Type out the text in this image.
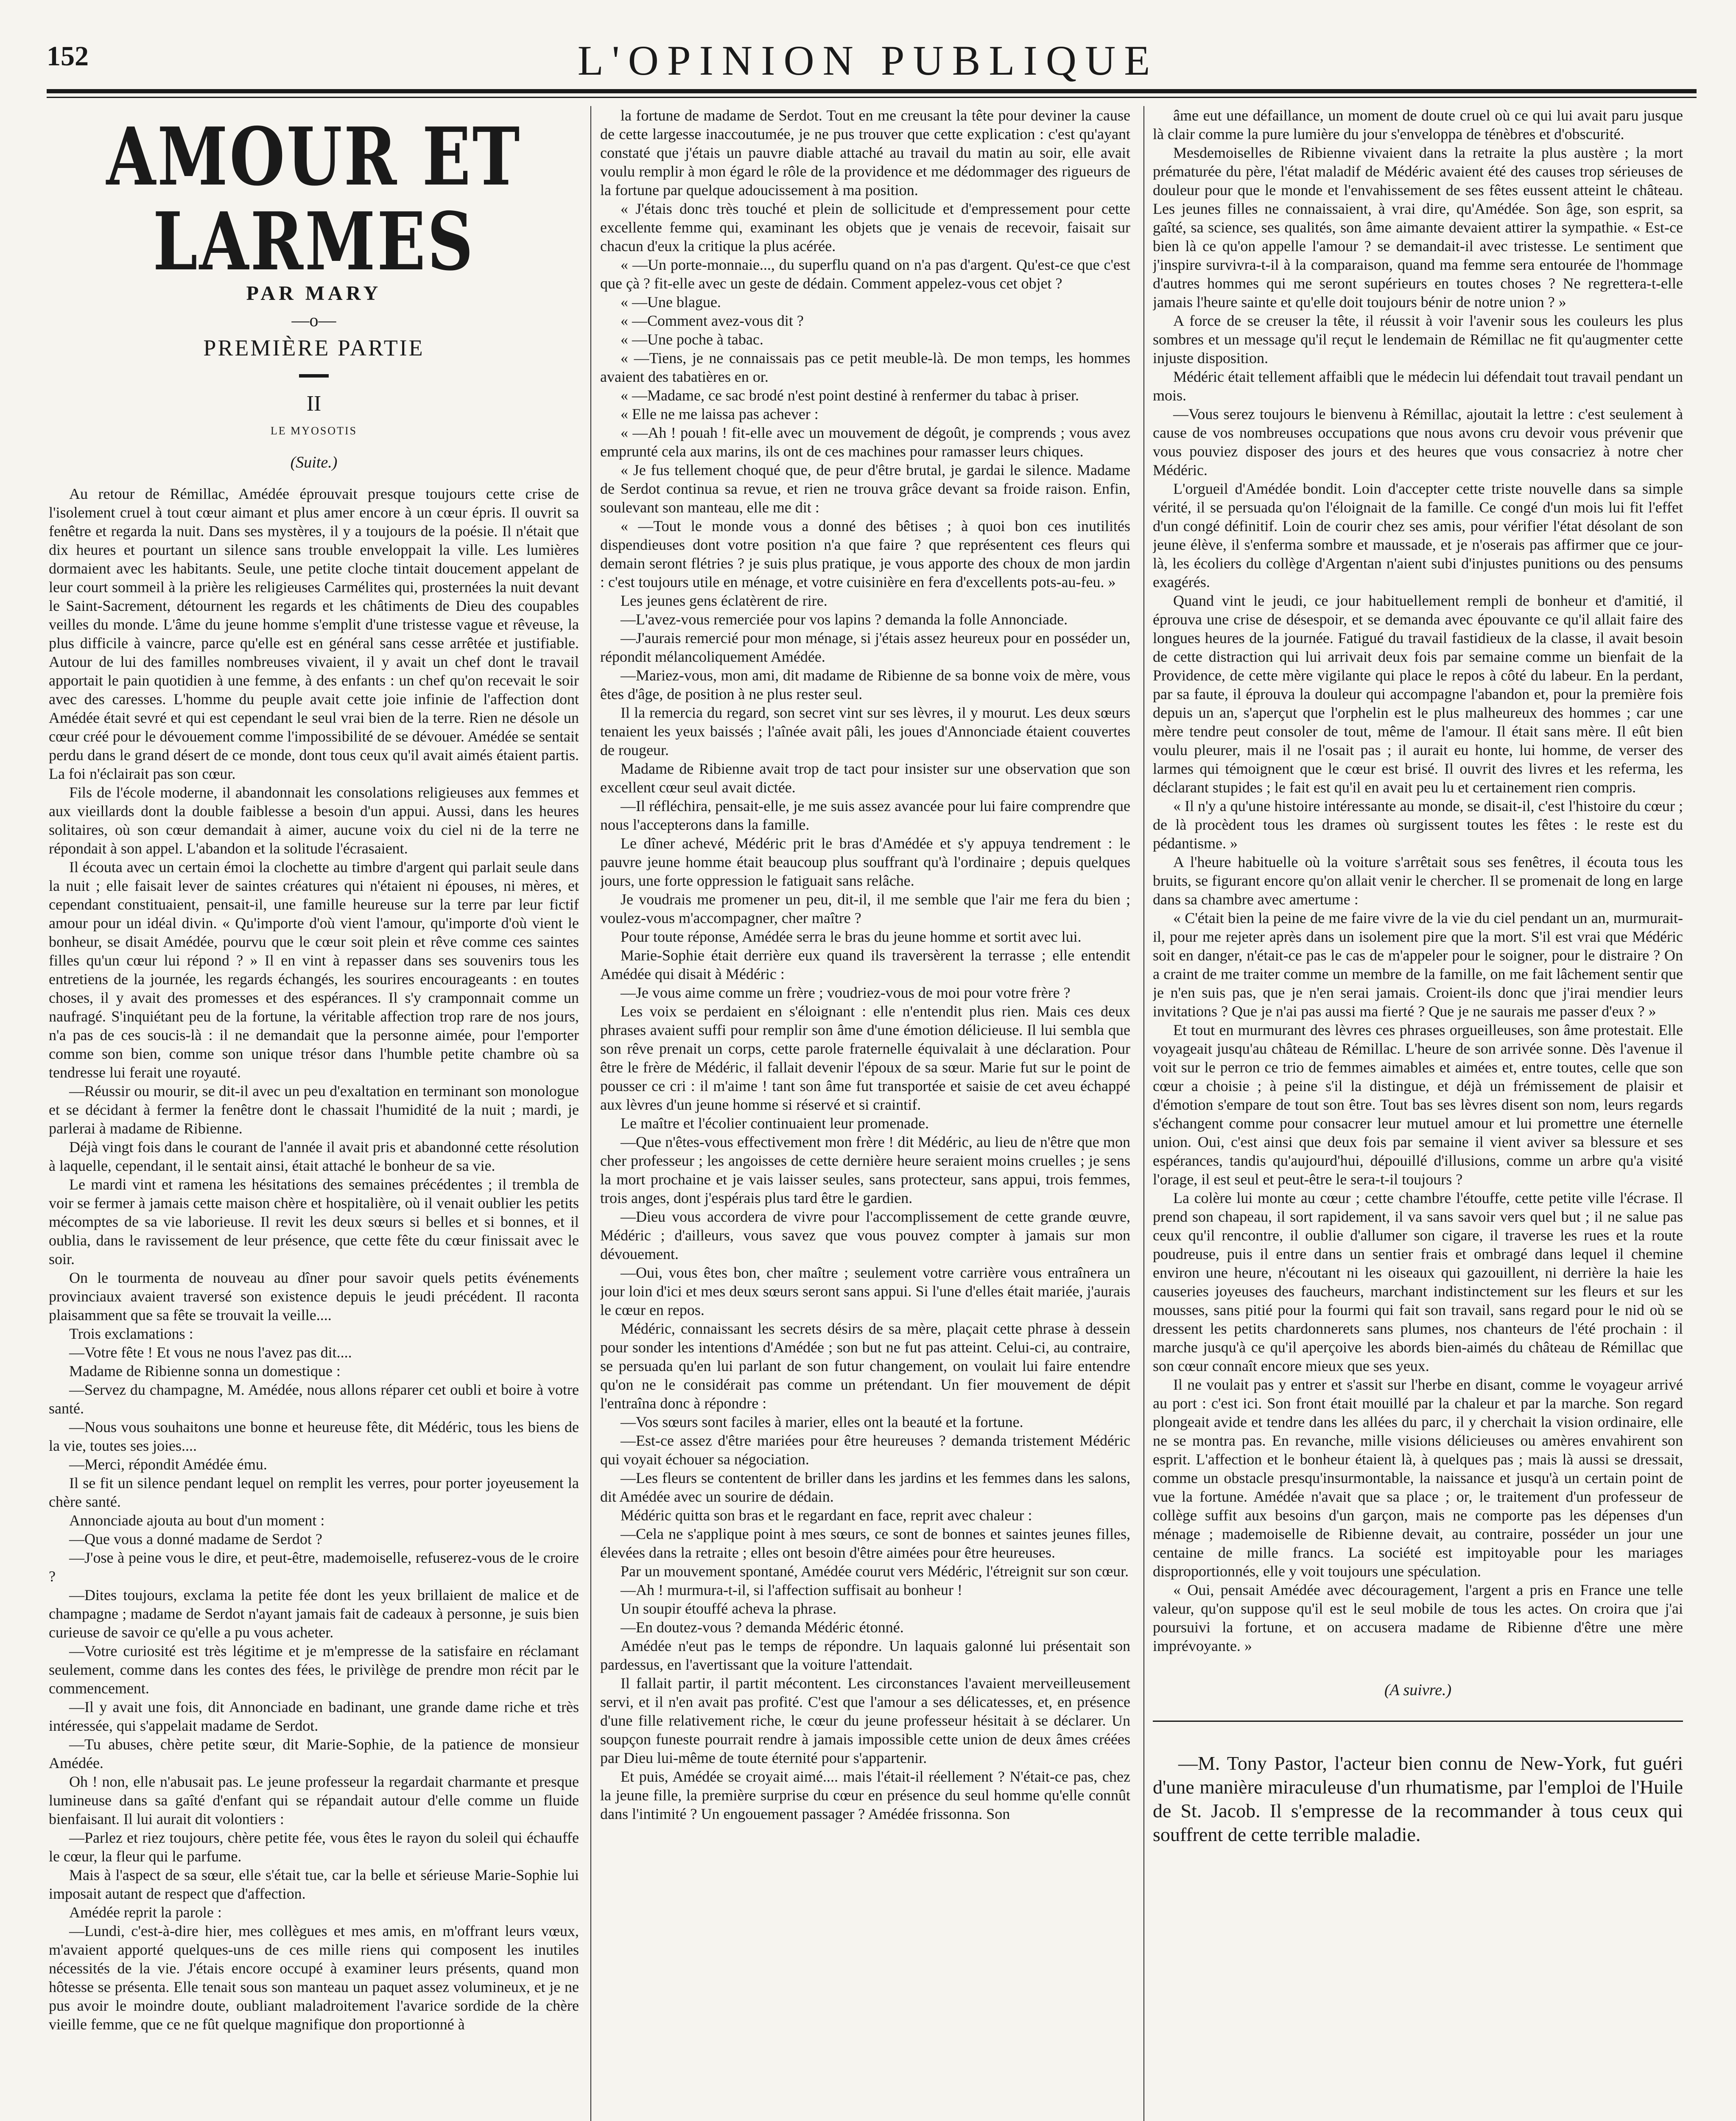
152	L'OPINION PUBLIQUE
AMOUR ET LARMES
PAR MARY
—o—
PREMIÈRE PARTIE
II
LE MYOSOTIS
(Suite.)

Au retour de Rémillac, Amédée éprouvait presque toujours cette crise de l'isolement cruel à tout cœur aimant et plus amer encore à un cœur épris. Il ouvrit sa fenêtre et regarda la nuit. Dans ses mystères, il y a toujours de la poésie. Il n'était que dix heures et pourtant un silence sans trouble enveloppait la ville. Les lumières dormaient avec les habitants. Seule, une petite cloche tintait doucement appelant de leur court sommeil à la prière les religieuses Carmélites qui, prosternées la nuit devant le Saint-Sacrement, détournent les regards et les châtiments de Dieu des coupables veilles du monde. L'âme du jeune homme s'emplit d'une tristesse vague et rêveuse, la plus difficile à vaincre, parce qu'elle est en général sans cesse arrêtée et justifiable. Autour de lui des familles nombreuses vivaient, il y avait un chef dont le travail apportait le pain quotidien à une femme, à des enfants : un chef qu'on recevait le soir avec des caresses. L'homme du peuple avait cette joie infinie de l'affection dont Amédée était sevré et qui est cependant le seul vrai bien de la terre. Rien ne désole un cœur créé pour le dévouement comme l'impossibilité de se dévouer. Amédée se sentait perdu dans le grand désert de ce monde, dont tous ceux qu'il avait aimés étaient partis. La foi n'éclairait pas son cœur.

Fils de l'école moderne, il abandonnait les consolations religieuses aux femmes et aux vieillards dont la double faiblesse a besoin d'un appui. Aussi, dans les heures solitaires, où son cœur demandait à aimer, aucune voix du ciel ni de la terre ne répondait à son appel. L'abandon et la solitude l'écrasaient.

Il écouta avec un certain émoi la clochette au timbre d'argent qui parlait seule dans la nuit ; elle faisait lever de saintes créatures qui n'étaient ni épouses, ni mères, et cependant constituaient, pensait-il, une famille heureuse sur la terre par leur fictif amour pour un idéal divin. « Qu'importe d'où vient l'amour, qu'importe d'où vient le bonheur, se disait Amédée, pourvu que le cœur soit plein et rêve comme ces saintes filles qu'un cœur lui répond ? » Il en vint à repasser dans ses souvenirs tous les entretiens de la journée, les regards échangés, les sourires encourageants : en toutes choses, il y avait des promesses et des espérances. Il s'y cramponnait comme un naufragé. S'inquiétant peu de la fortune, la véritable affection trop rare de nos jours, n'a pas de ces soucis-là : il ne demandait que la personne aimée, pour l'emporter comme son bien, comme son unique trésor dans l'humble petite chambre où sa tendresse lui ferait une royauté.

—Réussir ou mourir, se dit-il avec un peu d'exaltation en terminant son monologue et se décidant à fermer la fenêtre dont le chassait l'humidité de la nuit ; mardi, je parlerai à madame de Ribienne.

Déjà vingt fois dans le courant de l'année il avait pris et abandonné cette résolution à laquelle, cependant, il le sentait ainsi, était attaché le bonheur de sa vie.

Le mardi vint et ramena les hésitations des semaines précédentes ; il trembla de voir se fermer à jamais cette maison chère et hospitalière, où il venait oublier les petits mécomptes de sa vie laborieuse. Il revit les deux sœurs si belles et si bonnes, et il oublia, dans le ravissement de leur présence, que cette fête du cœur finissait avec le soir.

On le tourmenta de nouveau au dîner pour savoir quels petits événements provinciaux avaient traversé son existence depuis le jeudi précédent. Il raconta plaisamment que sa fête se trouvait la veille....

Trois exclamations :

—Votre fête ! Et vous ne nous l'avez pas dit....

Madame de Ribienne sonna un domestique :

—Servez du champagne, M. Amédée, nous allons réparer cet oubli et boire à votre santé.

—Nous vous souhaitons une bonne et heureuse fête, dit Médéric, tous les biens de la vie, toutes ses joies....

—Merci, répondit Amédée ému.

Il se fit un silence pendant lequel on remplit les verres, pour porter joyeusement la chère santé.

Annonciade ajouta au bout d'un moment :

—Que vous a donné madame de Serdot ?

—J'ose à peine vous le dire, et peut-être, mademoiselle, refuserez-vous de le croire ?

—Dites toujours, exclama la petite fée dont les yeux brillaient de malice et de champagne ; madame de Serdot n'ayant jamais fait de cadeaux à personne, je suis bien curieuse de savoir ce qu'elle a pu vous acheter.

—Votre curiosité est très légitime et je m'empresse de la satisfaire en réclamant seulement, comme dans les contes des fées, le privilège de prendre mon récit par le commencement.

—Il y avait une fois, dit Annonciade en badinant, une grande dame riche et très intéressée, qui s'appelait madame de Serdot.

—Tu abuses, chère petite sœur, dit Marie-Sophie, de la patience de monsieur Amédée.

Oh ! non, elle n'abusait pas. Le jeune professeur la regardait charmante et presque lumineuse dans sa gaîté d'enfant qui se répandait autour d'elle comme un fluide bienfaisant. Il lui aurait dit volontiers :

—Parlez et riez toujours, chère petite fée, vous êtes le rayon du soleil qui échauffe le cœur, la fleur qui le parfume.

Mais à l'aspect de sa sœur, elle s'était tue, car la belle et sérieuse Marie-Sophie lui imposait autant de respect que d'affection.

Amédée reprit la parole :

—Lundi, c'est-à-dire hier, mes collègues et mes amis, en m'offrant leurs vœux, m'avaient apporté quelques-uns de ces mille riens qui composent les inutiles nécessités de la vie. J'étais encore occupé à examiner leurs présents, quand mon hôtesse se présenta. Elle tenait sous son manteau un paquet assez volumineux, et je ne pus avoir le moindre doute, oubliant maladroitement l'avarice sordide de la chère vieille femme, que ce ne fût quelque magnifique don proportionné à

la fortune de madame de Serdot. Tout en me creusant la tête pour deviner la cause de cette largesse inaccoutumée, je ne pus trouver que cette explication : c'est qu'ayant constaté que j'étais un pauvre diable attaché au travail du matin au soir, elle avait voulu remplir à mon égard le rôle de la providence et me dédommager des rigueurs de la fortune par quelque adoucissement à ma position.

« J'étais donc très touché et plein de sollicitude et d'empressement pour cette excellente femme qui, examinant les objets que je venais de recevoir, faisait sur chacun d'eux la critique la plus acérée.

« —Un porte-monnaie..., du superflu quand on n'a pas d'argent. Qu'est-ce que c'est que çà ? fit-elle avec un geste de dédain. Comment appelez-vous cet objet ?

« —Une blague.

« —Comment avez-vous dit ?

« —Une poche à tabac.

« —Tiens, je ne connaissais pas ce petit meuble-là. De mon temps, les hommes avaient des tabatières en or.

« —Madame, ce sac brodé n'est point destiné à renfermer du tabac à priser.

« Elle ne me laissa pas achever :

« —Ah ! pouah ! fit-elle avec un mouvement de dégoût, je comprends ; vous avez emprunté cela aux marins, ils ont de ces machines pour ramasser leurs chiques.

« Je fus tellement choqué que, de peur d'être brutal, je gardai le silence. Madame de Serdot continua sa revue, et rien ne trouva grâce devant sa froide raison. Enfin, soulevant son manteau, elle me dit :

« —Tout le monde vous a donné des bêtises ; à quoi bon ces inutilités dispendieuses dont votre position n'a que faire ? que représentent ces fleurs qui demain seront flétries ? je suis plus pratique, je vous apporte des choux de mon jardin : c'est toujours utile en ménage, et votre cuisinière en fera d'excellents pots-au-feu. »

Les jeunes gens éclatèrent de rire.

—L'avez-vous remerciée pour vos lapins ? demanda la folle Annonciade.

—J'aurais remercié pour mon ménage, si j'étais assez heureux pour en posséder un, répondit mélancoliquement Amédée.

—Mariez-vous, mon ami, dit madame de Ribienne de sa bonne voix de mère, vous êtes d'âge, de position à ne plus rester seul.

Il la remercia du regard, son secret vint sur ses lèvres, il y mourut. Les deux sœurs tenaient les yeux baissés ; l'aînée avait pâli, les joues d'Annonciade étaient couvertes de rougeur.

Madame de Ribienne avait trop de tact pour insister sur une observation que son excellent cœur seul avait dictée.

—Il réfléchira, pensait-elle, je me suis assez avancée pour lui faire comprendre que nous l'accepterons dans la famille.

Le dîner achevé, Médéric prit le bras d'Amédée et s'y appuya tendrement : le pauvre jeune homme était beaucoup plus souffrant qu'à l'ordinaire ; depuis quelques jours, une forte oppression le fatiguait sans relâche.

Je voudrais me promener un peu, dit-il, il me semble que l'air me fera du bien ; voulez-vous m'accompagner, cher maître ?

Pour toute réponse, Amédée serra le bras du jeune homme et sortit avec lui.

Marie-Sophie était derrière eux quand ils traversèrent la terrasse ; elle entendit Amédée qui disait à Médéric :

—Je vous aime comme un frère ; voudriez-vous de moi pour votre frère ?

Les voix se perdaient en s'éloignant : elle n'entendit plus rien. Mais ces deux phrases avaient suffi pour remplir son âme d'une émotion délicieuse. Il lui sembla que son rêve prenait un corps, cette parole fraternelle équivalait à une déclaration. Pour être le frère de Médéric, il fallait devenir l'époux de sa sœur. Marie fut sur le point de pousser ce cri : il m'aime ! tant son âme fut transportée et saisie de cet aveu échappé aux lèvres d'un jeune homme si réservé et si craintif.

Le maître et l'écolier continuaient leur promenade.

—Que n'êtes-vous effectivement mon frère ! dit Médéric, au lieu de n'être que mon cher professeur ; les angoisses de cette dernière heure seraient moins cruelles ; je sens la mort prochaine et je vais laisser seules, sans protecteur, sans appui, trois femmes, trois anges, dont j'espérais plus tard être le gardien.

—Dieu vous accordera de vivre pour l'accomplissement de cette grande œuvre, Médéric ; d'ailleurs, vous savez que vous pouvez compter à jamais sur mon dévouement.

—Oui, vous êtes bon, cher maître ; seulement votre carrière vous entraînera un jour loin d'ici et mes deux sœurs seront sans appui. Si l'une d'elles était mariée, j'aurais le cœur en repos.

Médéric, connaissant les secrets désirs de sa mère, plaçait cette phrase à dessein pour sonder les intentions d'Amédée ; son but ne fut pas atteint. Celui-ci, au contraire, se persuada qu'en lui parlant de son futur changement, on voulait lui faire entendre qu'on ne le considérait pas comme un prétendant. Un fier mouvement de dépit l'entraîna donc à répondre :

—Vos sœurs sont faciles à marier, elles ont la beauté et la fortune.

—Est-ce assez d'être mariées pour être heureuses ? demanda tristement Médéric qui voyait échouer sa négociation.

—Les fleurs se contentent de briller dans les jardins et les femmes dans les salons, dit Amédée avec un sourire de dédain.

Médéric quitta son bras et le regardant en face, reprit avec chaleur :

—Cela ne s'applique point à mes sœurs, ce sont de bonnes et saintes jeunes filles, élevées dans la retraite ; elles ont besoin d'être aimées pour être heureuses.

Par un mouvement spontané, Amédée courut vers Médéric, l'étreignit sur son cœur.

—Ah ! murmura-t-il, si l'affection suffisait au bonheur !

Un soupir étouffé acheva la phrase.

—En doutez-vous ? demanda Médéric étonné.

Amédée n'eut pas le temps de répondre. Un laquais galonné lui présentait son pardessus, en l'avertissant que la voiture l'attendait.

Il fallait partir, il partit mécontent. Les circonstances l'avaient merveilleusement servi, et il n'en avait pas profité. C'est que l'amour a ses délicatesses, et, en présence d'une fille relativement riche, le cœur du jeune professeur hésitait à se déclarer. Un soupçon funeste pourrait rendre à jamais impossible cette union de deux âmes créées par Dieu lui-même de toute éternité pour s'appartenir.

Et puis, Amédée se croyait aimé.... mais l'était-il réellement ? N'était-ce pas, chez la jeune fille, la première surprise du cœur en présence du seul homme qu'elle connût dans l'intimité ? Un engouement passager ? Amédée frissonna. Son

âme eut une défaillance, un moment de doute cruel où ce qui lui avait paru jusque là clair comme la pure lumière du jour s'enveloppa de ténèbres et d'obscurité.

Mesdemoiselles de Ribienne vivaient dans la retraite la plus austère ; la mort prématurée du père, l'état maladif de Médéric avaient été des causes trop sérieuses de douleur pour que le monde et l'envahissement de ses fêtes eussent atteint le château. Les jeunes filles ne connaissaient, à vrai dire, qu'Amédée. Son âge, son esprit, sa gaîté, sa science, ses qualités, son âme aimante devaient attirer la sympathie. « Est-ce bien là ce qu'on appelle l'amour ? se demandait-il avec tristesse. Le sentiment que j'inspire survivra-t-il à la comparaison, quand ma femme sera entourée de l'hommage d'autres hommes qui me seront supérieurs en toutes choses ? Ne regrettera-t-elle jamais l'heure sainte et qu'elle doit toujours bénir de notre union ? »

A force de se creuser la tête, il réussit à voir l'avenir sous les couleurs les plus sombres et un message qu'il reçut le lendemain de Rémillac ne fit qu'augmenter cette injuste disposition.

Médéric était tellement affaibli que le médecin lui défendait tout travail pendant un mois.

—Vous serez toujours le bienvenu à Rémillac, ajoutait la lettre : c'est seulement à cause de vos nombreuses occupations que nous avons cru devoir vous prévenir que vous pouviez disposer des jours et des heures que vous consacriez à notre cher Médéric.

L'orgueil d'Amédée bondit. Loin d'accepter cette triste nouvelle dans sa simple vérité, il se persuada qu'on l'éloignait de la famille. Ce congé d'un mois lui fit l'effet d'un congé définitif. Loin de courir chez ses amis, pour vérifier l'état désolant de son jeune élève, il s'enferma sombre et maussade, et je n'oserais pas affirmer que ce jour-là, les écoliers du collège d'Argentan n'aient subi d'injustes punitions ou des pensums exagérés.

Quand vint le jeudi, ce jour habituellement rempli de bonheur et d'amitié, il éprouva une crise de désespoir, et se demanda avec épouvante ce qu'il allait faire des longues heures de la journée. Fatigué du travail fastidieux de la classe, il avait besoin de cette distraction qui lui arrivait deux fois par semaine comme un bienfait de la Providence, de cette mère vigilante qui place le repos à côté du labeur. En la perdant, par sa faute, il éprouva la douleur qui accompagne l'abandon et, pour la première fois depuis un an, s'aperçut que l'orphelin est le plus malheureux des hommes ; car une mère tendre peut consoler de tout, même de l'amour. Il était sans mère. Il eût bien voulu pleurer, mais il ne l'osait pas ; il aurait eu honte, lui homme, de verser des larmes qui témoignent que le cœur est brisé. Il ouvrit des livres et les referma, les déclarant stupides ; le fait est qu'il en avait peu lu et certainement rien compris.

« Il n'y a qu'une histoire intéressante au monde, se disait-il, c'est l'histoire du cœur ; de là procèdent tous les drames où surgissent toutes les fêtes : le reste est du pédantisme. »

A l'heure habituelle où la voiture s'arrêtait sous ses fenêtres, il écouta tous les bruits, se figurant encore qu'on allait venir le chercher. Il se promenait de long en large dans sa chambre avec amertume :

« C'était bien la peine de me faire vivre de la vie du ciel pendant un an, murmurait-il, pour me rejeter après dans un isolement pire que la mort. S'il est vrai que Médéric soit en danger, n'était-ce pas le cas de m'appeler pour le soigner, pour le distraire ? On a craint de me traiter comme un membre de la famille, on me fait lâchement sentir que je n'en suis pas, que je n'en serai jamais. Croient-ils donc que j'irai mendier leurs invitations ? Que je n'ai pas aussi ma fierté ? Que je ne saurais me passer d'eux ? »

Et tout en murmurant des lèvres ces phrases orgueilleuses, son âme protestait. Elle voyageait jusqu'au château de Rémillac. L'heure de son arrivée sonne. Dès l'avenue il voit sur le perron ce trio de femmes aimables et aimées et, entre toutes, celle que son cœur a choisie ; à peine s'il la distingue, et déjà un frémissement de plaisir et d'émotion s'empare de tout son être. Tout bas ses lèvres disent son nom, leurs regards s'échangent comme pour consacrer leur mutuel amour et lui promettre une éternelle union. Oui, c'est ainsi que deux fois par semaine il vient aviver sa blessure et ses espérances, tandis qu'aujourd'hui, dépouillé d'illusions, comme un arbre qu'a visité l'orage, il est seul et peut-être le sera-t-il toujours ?

La colère lui monte au cœur ; cette chambre l'étouffe, cette petite ville l'écrase. Il prend son chapeau, il sort rapidement, il va sans savoir vers quel but ; il ne salue pas ceux qu'il rencontre, il oublie d'allumer son cigare, il traverse les rues et la route poudreuse, puis il entre dans un sentier frais et ombragé dans lequel il chemine environ une heure, n'écoutant ni les oiseaux qui gazouillent, ni derrière la haie les causeries joyeuses des faucheurs, marchant indistinctement sur les fleurs et sur les mousses, sans pitié pour la fourmi qui fait son travail, sans regard pour le nid où se dressent les petits chardonnerets sans plumes, nos chanteurs de l'été prochain : il marche jusqu'à ce qu'il aperçoive les abords bien-aimés du château de Rémillac que son cœur connaît encore mieux que ses yeux.

Il ne voulait pas y entrer et s'assit sur l'herbe en disant, comme le voyageur arrivé au port : c'est ici. Son front était mouillé par la chaleur et par la marche. Son regard plongeait avide et tendre dans les allées du parc, il y cherchait la vision ordinaire, elle ne se montra pas. En revanche, mille visions délicieuses ou amères envahirent son esprit. L'affection et le bonheur étaient là, à quelques pas ; mais là aussi se dressait, comme un obstacle presqu'insurmontable, la naissance et jusqu'à un certain point de vue la fortune. Amédée n'avait que sa place ; or, le traitement d'un professeur de collège suffit aux besoins d'un garçon, mais ne comporte pas les dépenses d'un ménage ; mademoiselle de Ribienne devait, au contraire, posséder un jour une centaine de mille francs. La société est impitoyable pour les mariages disproportionnés, elle y voit toujours une spéculation.

« Oui, pensait Amédée avec découragement, l'argent a pris en France une telle valeur, qu'on suppose qu'il est le seul mobile de tous les actes. On croira que j'ai poursuivi la fortune, et on accusera madame de Ribienne d'être une mère imprévoyante. »

(A suivre.)

—M. Tony Pastor, l'acteur bien connu de New-York, fut guéri d'une manière miraculeuse d'un rhumatisme, par l'emploi de l'Huile de St. Jacob. Il s'empresse de la recommander à tous ceux qui souffrent de cette terrible maladie.
